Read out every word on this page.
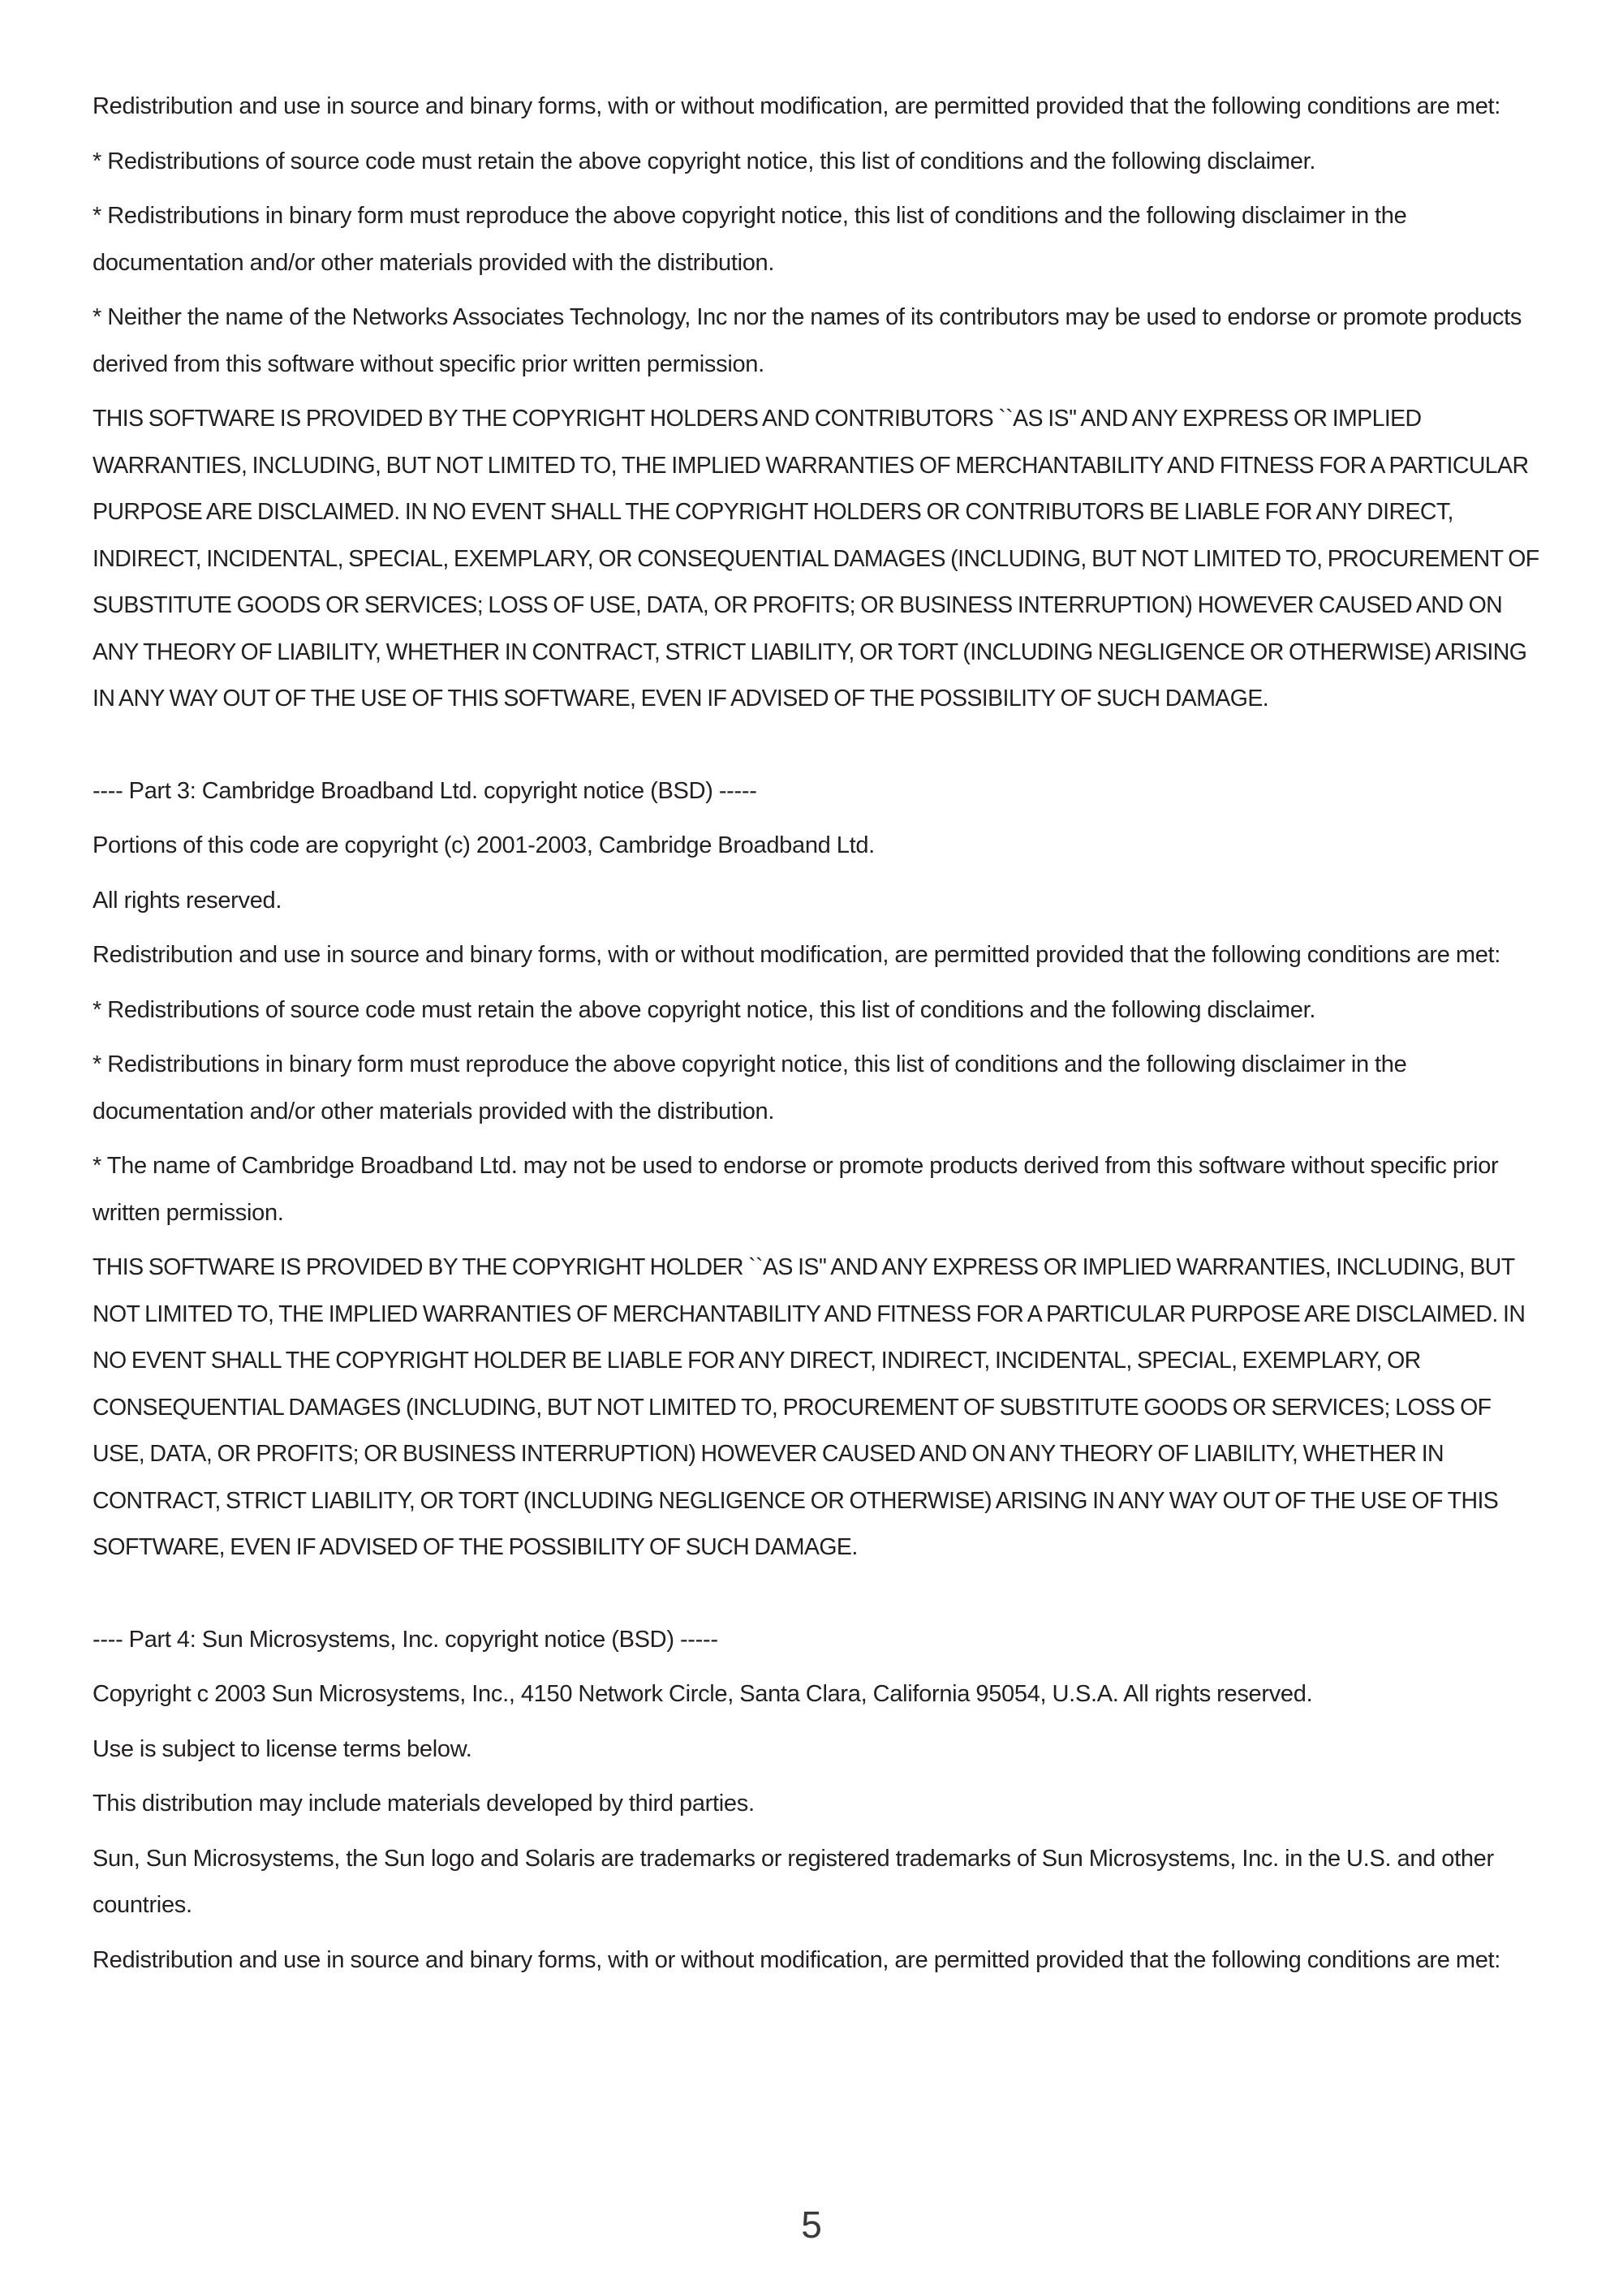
Redistribution and use in source and binary forms, with or without modification, are permitted provided that the following conditions are met:

* Redistributions of source code must retain the above copyright notice, this list of conditions and the following disclaimer.

* Redistributions in binary form must reproduce the above copyright notice, this list of conditions and the following disclaimer in the documentation and/or other materials provided with the distribution.

* Neither the name of the Networks Associates Technology, Inc nor the names of its contributors may be used to endorse or promote products derived from this software without specific prior written permission.

THIS SOFTWARE IS PROVIDED BY THE COPYRIGHT HOLDERS AND CONTRIBUTORS ``AS IS'' AND ANY EXPRESS OR IMPLIED WARRANTIES, INCLUDING, BUT NOT LIMITED TO, THE IMPLIED WARRANTIES OF MERCHANTABILITY AND FITNESS FOR A PARTICULAR PURPOSE ARE DISCLAIMED. IN NO EVENT SHALL THE COPYRIGHT HOLDERS OR CONTRIBUTORS BE LIABLE FOR ANY DIRECT, INDIRECT, INCIDENTAL, SPECIAL, EXEMPLARY, OR CONSEQUENTIAL DAMAGES (INCLUDING, BUT NOT LIMITED TO, PROCUREMENT OF SUBSTITUTE GOODS OR SERVICES; LOSS OF USE, DATA, OR PROFITS; OR BUSINESS INTERRUPTION) HOWEVER CAUSED AND ON ANY THEORY OF LIABILITY, WHETHER IN CONTRACT, STRICT LIABILITY, OR TORT (INCLUDING NEGLIGENCE OR OTHERWISE) ARISING IN ANY WAY OUT OF THE USE OF THIS SOFTWARE, EVEN IF ADVISED OF THE POSSIBILITY OF SUCH DAMAGE.

---- Part 3: Cambridge Broadband Ltd. copyright notice (BSD) -----

Portions of this code are copyright (c) 2001-2003, Cambridge Broadband Ltd.

All rights reserved.

Redistribution and use in source and binary forms, with or without modification, are permitted provided that the following conditions are met:

* Redistributions of source code must retain the above copyright notice, this list of conditions and the following disclaimer.

* Redistributions in binary form must reproduce the above copyright notice, this list of conditions and the following disclaimer in the documentation and/or other materials provided with the distribution.

* The name of Cambridge Broadband Ltd. may not be used to endorse or promote products derived from this software without specific prior written permission.

THIS SOFTWARE IS PROVIDED BY THE COPYRIGHT HOLDER ``AS IS'' AND ANY EXPRESS OR IMPLIED WARRANTIES, INCLUDING, BUT NOT LIMITED TO, THE IMPLIED WARRANTIES OF MERCHANTABILITY AND FITNESS FOR A PARTICULAR PURPOSE ARE DISCLAIMED. IN NO EVENT SHALL THE COPYRIGHT HOLDER BE LIABLE FOR ANY DIRECT, INDIRECT, INCIDENTAL, SPECIAL, EXEMPLARY, OR CONSEQUENTIAL DAMAGES (INCLUDING, BUT NOT LIMITED TO, PROCUREMENT OF SUBSTITUTE GOODS OR SERVICES; LOSS OF USE, DATA, OR PROFITS; OR BUSINESS INTERRUPTION) HOWEVER CAUSED AND ON ANY THEORY OF LIABILITY, WHETHER IN CONTRACT, STRICT LIABILITY, OR TORT (INCLUDING NEGLIGENCE OR OTHERWISE) ARISING IN ANY WAY OUT OF THE USE OF THIS SOFTWARE, EVEN IF ADVISED OF THE POSSIBILITY OF SUCH DAMAGE.

---- Part 4: Sun Microsystems, Inc. copyright notice (BSD) -----

Copyright c 2003 Sun Microsystems, Inc., 4150 Network Circle, Santa Clara, California 95054, U.S.A. All rights reserved.

Use is subject to license terms below.

This distribution may include materials developed by third parties.

Sun, Sun Microsystems, the Sun logo and Solaris are trademarks or registered trademarks of Sun Microsystems, Inc. in the U.S. and other countries.

Redistribution and use in source and binary forms, with or without modification, are permitted provided that the following conditions are met:

5
